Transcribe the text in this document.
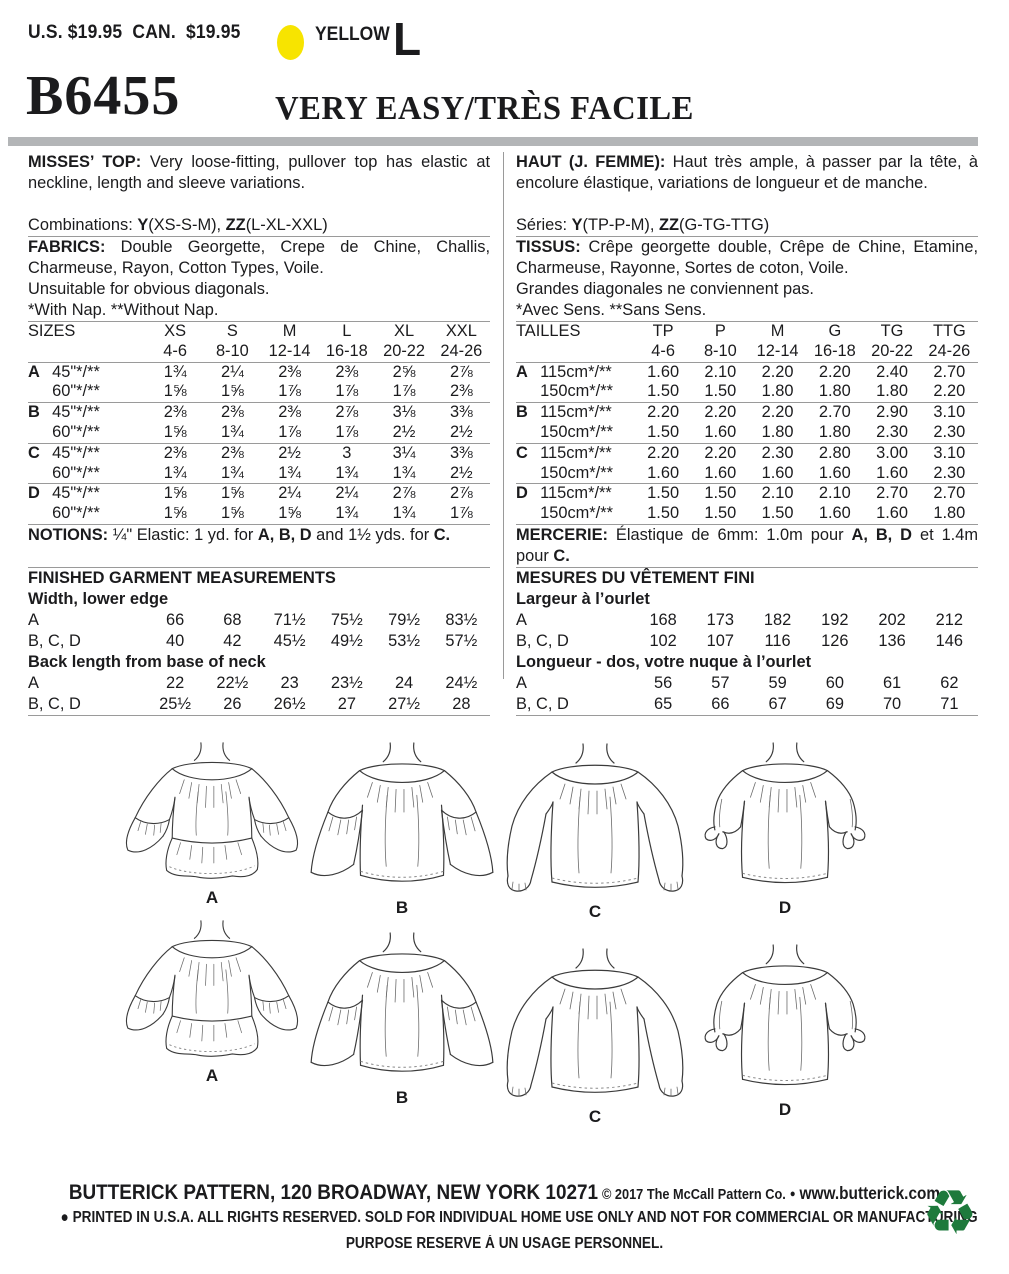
U.S. $19.95  CAN.  $19.95	YELLOW L
B6455	VERY EASY/TRÈS FACILE

MISSES’ TOP: Very loose-fitting, pullover top has elastic at neckline, length and sleeve variations.

Combinations: Y(XS-S-M), ZZ(L-XL-XXL)

FABRICS: Double Georgette, Crepe de Chine, Challis, Charmeuse, Rayon, Cotton Types, Voile.

Unsuitable for obvious diagonals.

*With Nap. **Without Nap.

SIZES		XS	S	M	L	XL	XXL
		4-6	8-10	12-14	16-18	20-22	24-26
A	45"*/**	1¾	2¼	2⅜	2⅜	2⅝	2⅞
	60"*/**	1⅝	1⅝	1⅞	1⅞	1⅞	2⅜
B	45"*/**	2⅜	2⅜	2⅜	2⅞	3⅛	3⅜
	60"*/**	1⅝	1¾	1⅞	1⅞	2½	2½
C	45"*/**	2⅜	2⅜	2½	3	3¼	3⅜
	60"*/**	1¾	1¾	1¾	1¾	1¾	2½
D	45"*/**	1⅝	1⅝	2¼	2¼	2⅞	2⅞
	60"*/**	1⅝	1⅝	1⅝	1¾	1¾	1⅞

NOTIONS: ¼" Elastic: 1 yd. for A, B, D and 1½ yds. for C.

FINISHED GARMENT MEASUREMENTS						
Width, lower edge						
A	66	68	71½	75½	79½	83½
B, C, D	40	42	45½	49½	53½	57½
Back length from base of neck						
A	22	22½	23	23½	24	24½
B, C, D	25½	26	26½	27	27½	28

HAUT (J. FEMME): Haut très ample, à passer par la tête, à encolure élastique, variations de longueur et de manche.

Séries: Y(TP-P-M), ZZ(G-TG-TTG)

TISSUS: Crêpe georgette double, Crêpe de Chine, Etamine, Charmeuse, Rayonne, Sortes de coton, Voile.

Grandes diagonales ne conviennent pas.

*Avec Sens. **Sans Sens.

TAILLES		TP	P	M	G	TG	TTG
		4-6	8-10	12-14	16-18	20-22	24-26
A	115cm*/**	1.60	2.10	2.20	2.20	2.40	2.70
	150cm*/**	1.50	1.50	1.80	1.80	1.80	2.20
B	115cm*/**	2.20	2.20	2.20	2.70	2.90	3.10
	150cm*/**	1.50	1.60	1.80	1.80	2.30	2.30
C	115cm*/**	2.20	2.20	2.30	2.80	3.00	3.10
	150cm*/**	1.60	1.60	1.60	1.60	1.60	2.30
D	115cm*/**	1.50	1.50	2.10	2.10	2.70	2.70
	150cm*/**	1.50	1.50	1.50	1.60	1.60	1.80

MERCERIE: Élastique de 6mm: 1.0m pour A, B, D et 1.4m pour C.

MESURES DU VÊTEMENT FINI						
Largeur à l’ourlet						
A	168	173	182	192	202	212
B, C, D	102	107	116	126	136	146
Longueur - dos, votre nuque à l’ourlet						
A	56	57	59	60	61	62
B, C, D	65	66	67	69	70	71
A
B	C	D
A
B
C	D
BUTTERICK PATTERN, 120 BROADWAY, NEW YORK 10271 © 2017 The McCall Pattern Co. ● www.butterick.com
● PRINTED IN U.S.A. ALL RIGHTS RESERVED. SOLD FOR INDIVIDUAL HOME USE ONLY AND NOT FOR COMMERCIAL OR MANUFACTURING
PURPOSE RESERVE Á UN USAGE PERSONNEL.	♻
